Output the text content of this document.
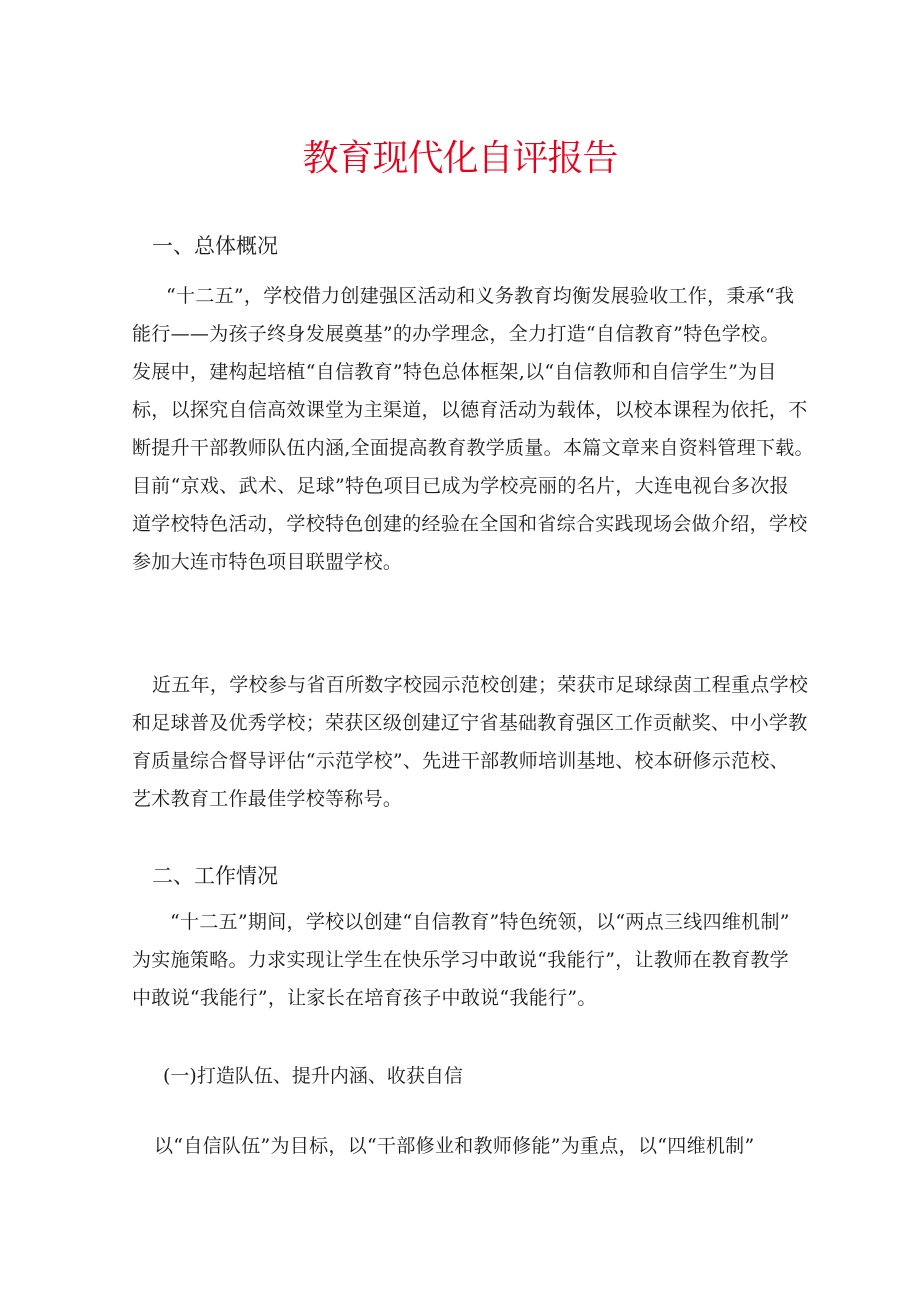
教育现代化自评报告
一、总体概况

“十二五”，学校借力创建强区活动和义务教育均衡发展验收工作，秉承“我
能行——为孩子终身发展奠基”的办学理念，全力打造“自信教育”特色学校。
发展中，建构起培植“自信教育”特色总体框架,以“自信教师和自信学生”为目
标，以探究自信高效课堂为主渠道，以德育活动为载体，以校本课程为依托，不
断提升干部教师队伍内涵,全面提高教育教学质量。本篇文章来自资料管理下载。
目前“京戏、武术、足球”特色项目已成为学校亮丽的名片，大连电视台多次报
道学校特色活动，学校特色创建的经验在全国和省综合实践现场会做介绍，学校
参加大连市特色项目联盟学校。

近五年，学校参与省百所数字校园示范校创建；荣获市足球绿茵工程重点学校
和足球普及优秀学校；荣获区级创建辽宁省基础教育强区工作贡献奖、中小学教
育质量综合督导评估“示范学校”、先进干部教师培训基地、校本研修示范校、
艺术教育工作最佳学校等称号。

二、工作情况

“十二五”期间，学校以创建“自信教育”特色统领，以“两点三线四维机制”
为实施策略。力求实现让学生在快乐学习中敢说“我能行”，让教师在教育教学
中敢说“我能行”，让家长在培育孩子中敢说“我能行”。

(一)打造队伍、提升内涵、收获自信

以“自信队伍”为目标，以“干部修业和教师修能”为重点，以“四维机制”
